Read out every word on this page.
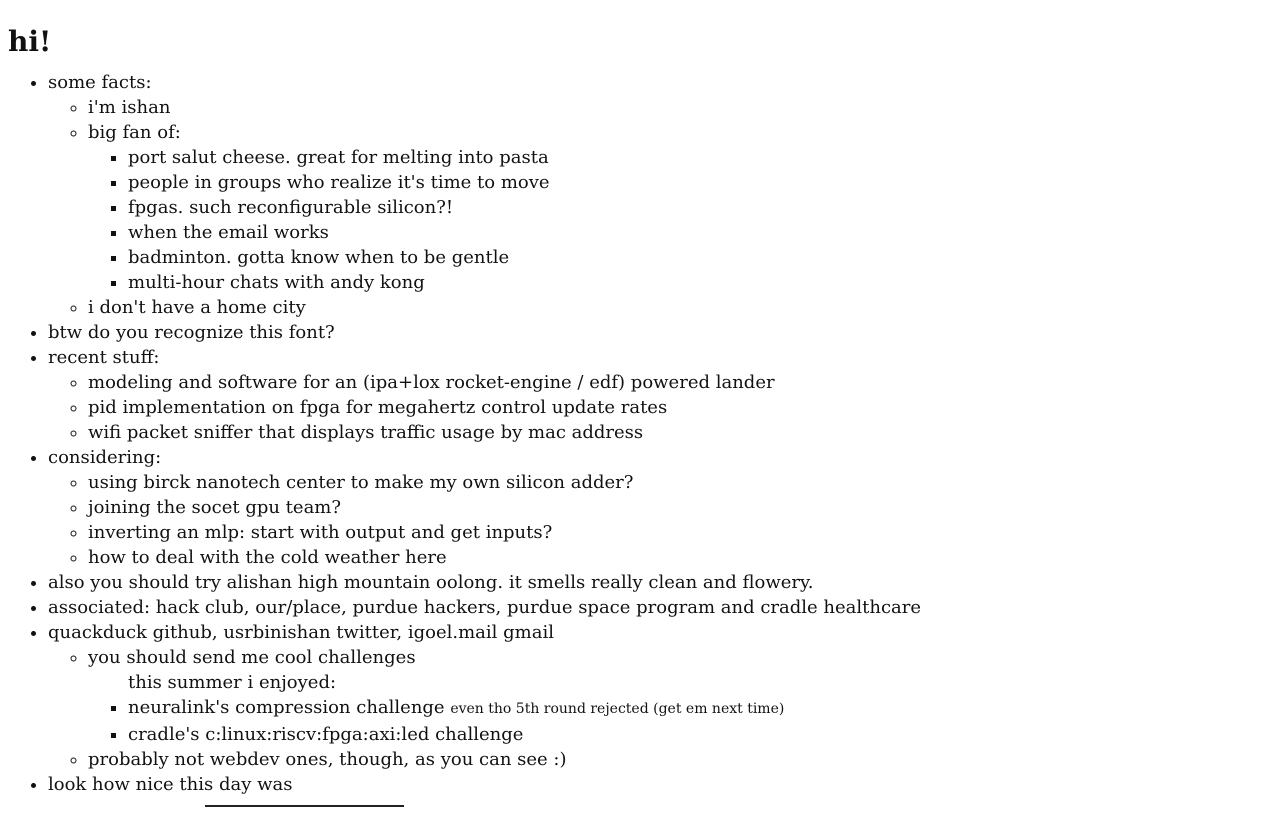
hi!
• some facts:
◦ i'm ishan
◦ big fan of:
▪ port salut cheese. great for melting into pasta
▪ people in groups who realize it's time to move
▪ fpgas. such reconfigurable silicon?!
▪ when the email works
▪ badminton. gotta know when to be gentle
▪ multi-hour chats with andy kong
◦ i don't have a home city
• btw do you recognize this font?
• recent stuff:
◦ modeling and software for an (ipa+lox rocket-engine / edf) powered lander
◦ pid implementation on fpga for megahertz control update rates
◦ wifi packet sniffer that displays traffic usage by mac address
• considering:
◦ using birck nanotech center to make my own silicon adder?
◦ joining the socet gpu team?
◦ inverting an mlp: start with output and get inputs?
◦ how to deal with the cold weather here
• also you should try alishan high mountain oolong. it smells really clean and flowery.
• associated: hack club, our/place, purdue hackers, purdue space program and cradle healthcare
• quackduck github, usrbinishan twitter, igoel.mail gmail
◦ you should send me cool challenges
this summer i enjoyed:
▪ neuralink's compression challenge even tho 5th round rejected (get em next time)
▪ cradle's c:linux:riscv:fpga:axi:led challenge
◦ probably not webdev ones, though, as you can see :)
• look how nice this day was
